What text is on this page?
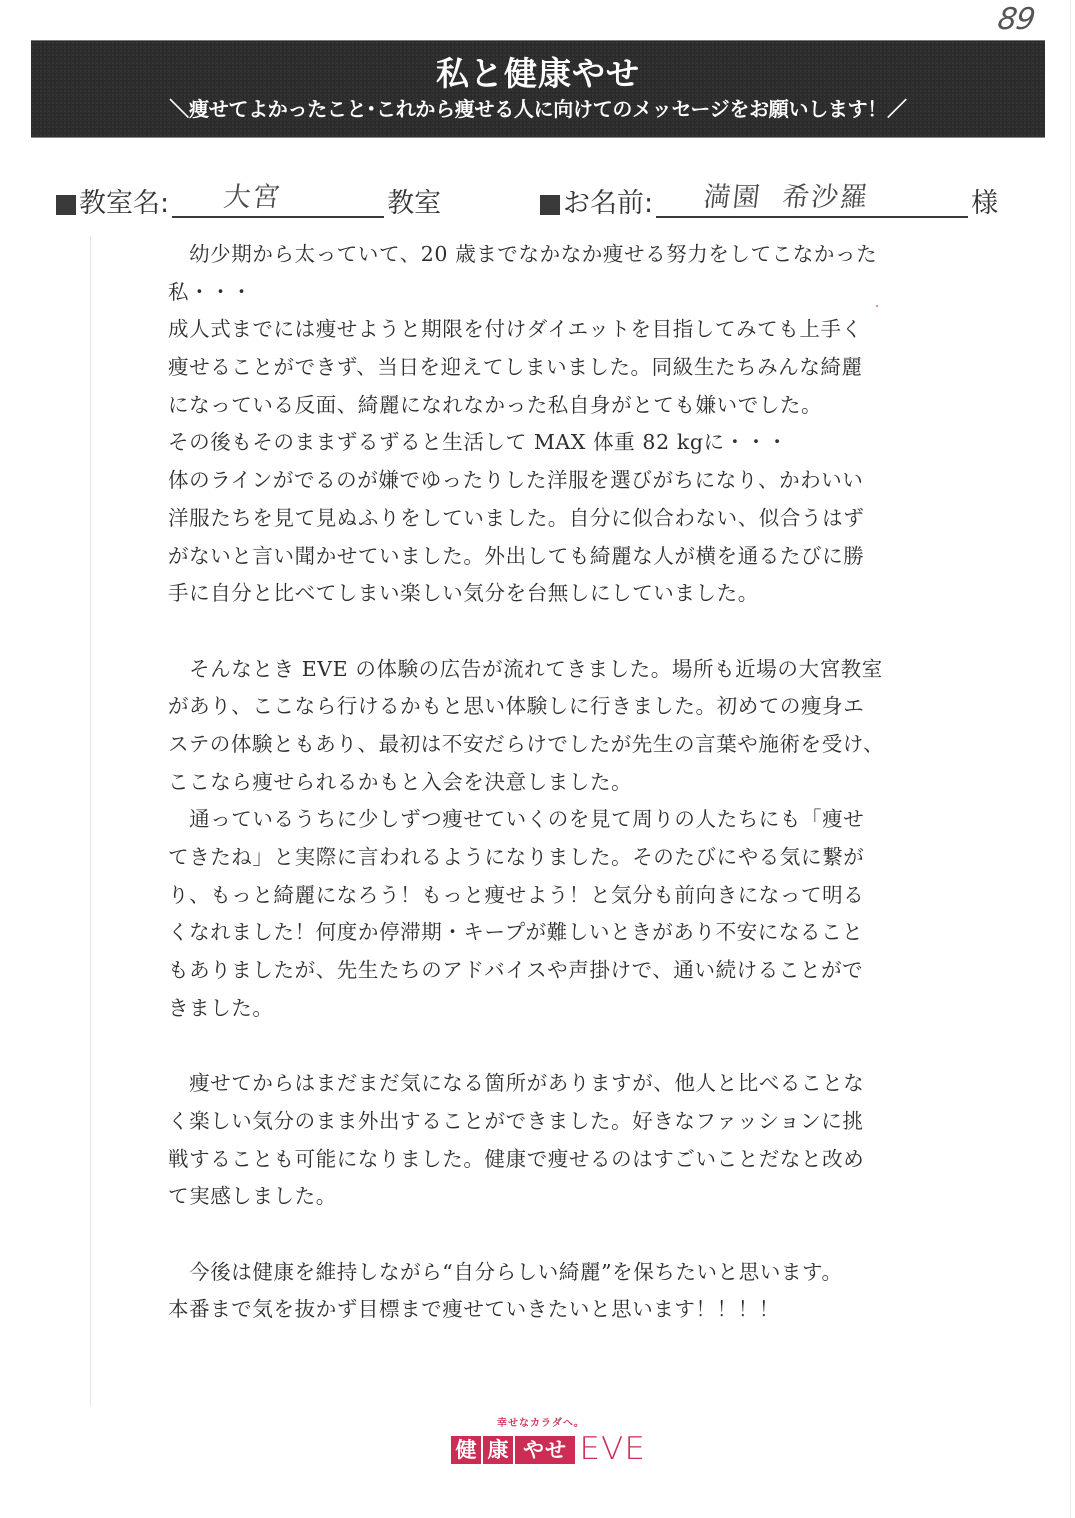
89
私と健康やせ
＼痩せてよかったこと･これから痩せる人に向けてのメッセージをお願いします！／
教室名: 大宮	教室	お名前: 満園 希沙羅	様
　幼少期から太っていて、20 歳までなかなか痩せる努力をしてこなかった
私・・・
成人式までには痩せようと期限を付けダイエットを目指してみても上手く
痩せることができず、当日を迎えてしまいました。同級生たちみんな綺麗
になっている反面、綺麗になれなかった私自身がとても嫌いでした。
その後もそのままずるずると生活して MAX 体重 82 kgに・・・
体のラインがでるのが嫌でゆったりした洋服を選びがちになり、かわいい
洋服たちを見て見ぬふりをしていました。自分に似合わない、似合うはず
がないと言い聞かせていました。外出しても綺麗な人が横を通るたびに勝
手に自分と比べてしまい楽しい気分を台無しにしていました。
　そんなとき EVE の体験の広告が流れてきました。場所も近場の大宮教室
があり、ここなら行けるかもと思い体験しに行きました。初めての痩身エ
ステの体験ともあり、最初は不安だらけでしたが先生の言葉や施術を受け、
ここなら痩せられるかもと入会を決意しました。
　通っているうちに少しずつ痩せていくのを見て周りの人たちにも「痩せ
てきたね」と実際に言われるようになりました。そのたびにやる気に繋が
り、もっと綺麗になろう！もっと痩せよう！と気分も前向きになって明る
くなれました！何度か停滞期・キープが難しいときがあり不安になること
もありましたが、先生たちのアドバイスや声掛けで、通い続けることがで
きました。
　痩せてからはまだまだ気になる箇所がありますが、他人と比べることな
く楽しい気分のまま外出することができました。好きなファッションに挑
戦することも可能になりました。健康で痩せるのはすごいことだなと改め
て実感しました。
　今後は健康を維持しながら“自分らしい綺麗”を保ちたいと思います。
本番まで気を抜かず目標まで痩せていきたいと思います！！！！
幸せなカラダへ。
健 康 やせ EVE
